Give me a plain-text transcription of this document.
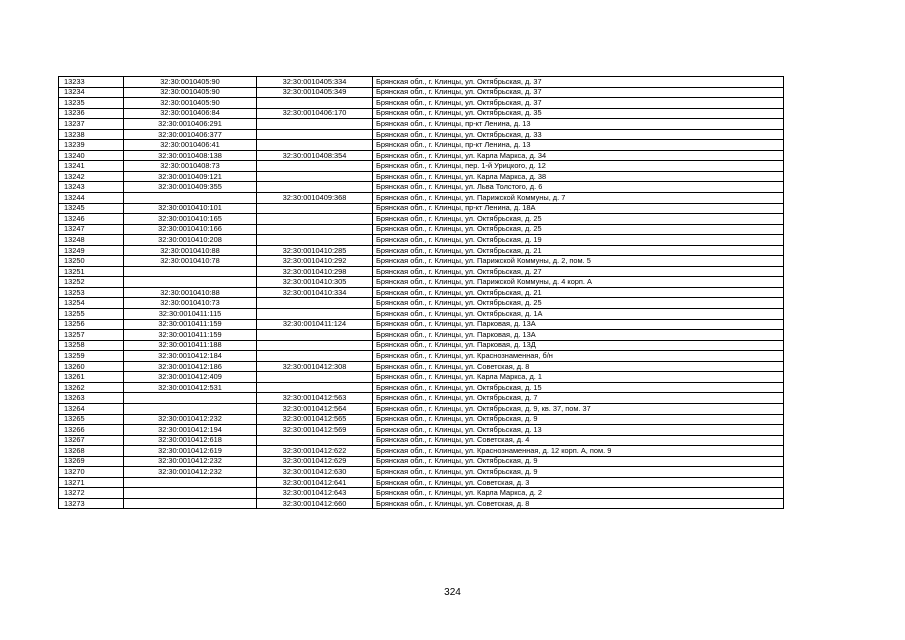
13233	32:30:0010405:90	32:30:0010405:334	Брянская обл., г. Клинцы, ул. Октябрьская, д. 37
13234	32:30:0010405:90	32:30:0010405:349	Брянская обл., г. Клинцы, ул. Октябрьская, д. 37
13235	32:30:0010405:90		Брянская обл., г. Клинцы, ул. Октябрьская, д. 37
13236	32:30:0010406:84	32:30:0010406:170	Брянская обл., г. Клинцы, ул. Октябрьская, д. 35
13237	32:30:0010406:291		Брянская обл., г. Клинцы, пр-кт Ленина, д. 13
13238	32:30:0010406:377		Брянская обл., г. Клинцы, ул. Октябрьская, д. 33
13239	32:30:0010406:41		Брянская обл., г. Клинцы, пр-кт Ленина, д. 13
13240	32:30:0010408:138	32:30:0010408:354	Брянская обл., г. Клинцы, ул. Карла Маркса, д. 34
13241	32:30:0010408:73		Брянская обл., г. Клинцы, пер. 1-й Урицкого, д. 12
13242	32:30:0010409:121		Брянская обл., г. Клинцы, ул. Карла Маркса, д. 38
13243	32:30:0010409:355		Брянская обл., г. Клинцы, ул. Льва Толстого, д. 6
13244		32:30:0010409:368	Брянская обл., г. Клинцы, ул. Парижской Коммуны, д. 7
13245	32:30:0010410:101		Брянская обл., г. Клинцы, пр-кт Ленина, д. 18А
13246	32:30:0010410:165		Брянская обл., г. Клинцы, ул. Октябрьская, д. 25
13247	32:30:0010410:166		Брянская обл., г. Клинцы, ул. Октябрьская, д. 25
13248	32:30:0010410:208		Брянская обл., г. Клинцы, ул. Октябрьская, д. 19
13249	32:30:0010410:88	32:30:0010410:285	Брянская обл., г. Клинцы, ул. Октябрьская, д. 21
13250	32:30:0010410:78	32:30:0010410:292	Брянская обл., г. Клинцы, ул. Парижской Коммуны, д. 2, пом. 5
13251		32:30:0010410:298	Брянская обл., г. Клинцы, ул. Октябрьская, д. 27
13252		32:30:0010410:305	Брянская обл., г. Клинцы, ул. Парижской Коммуны, д. 4 корп. А
13253	32:30:0010410:88	32:30:0010410:334	Брянская обл., г. Клинцы, ул. Октябрьская, д. 21
13254	32:30:0010410:73		Брянская обл., г. Клинцы, ул. Октябрьская, д. 25
13255	32:30:0010411:115		Брянская обл., г. Клинцы, ул. Октябрьская, д. 1А
13256	32:30:0010411:159	32:30:0010411:124	Брянская обл., г. Клинцы, ул. Парковая, д. 13А
13257	32:30:0010411:159		Брянская обл., г. Клинцы, ул. Парковая, д. 13А
13258	32:30:0010411:188		Брянская обл., г. Клинцы, ул. Парковая, д. 13Д
13259	32:30:0010412:184		Брянская обл., г. Клинцы, ул. Краснознаменная, б/н
13260	32:30:0010412:186	32:30:0010412:308	Брянская обл., г. Клинцы, ул. Советская, д. 8
13261	32:30:0010412:409		Брянская обл., г. Клинцы, ул. Карла Маркса, д. 1
13262	32:30:0010412:531		Брянская обл., г. Клинцы, ул. Октябрьская, д. 15
13263		32:30:0010412:563	Брянская обл., г. Клинцы, ул. Октябрьская, д. 7
13264		32:30:0010412:564	Брянская обл., г. Клинцы, ул. Октябрьская, д. 9, кв. 37, пом. 37
13265	32:30:0010412:232	32:30:0010412:565	Брянская обл., г. Клинцы, ул. Октябрьская, д. 9
13266	32:30:0010412:194	32:30:0010412:569	Брянская обл., г. Клинцы, ул. Октябрьская, д. 13
13267	32:30:0010412:618		Брянская обл., г. Клинцы, ул. Советская, д. 4
13268	32:30:0010412:619	32:30:0010412:622	Брянская обл., г. Клинцы, ул. Краснознаменная, д. 12 корп. А, пом. 9
13269	32:30:0010412:232	32:30:0010412:629	Брянская обл., г. Клинцы, ул. Октябрьская, д. 9
13270	32:30:0010412:232	32:30:0010412:630	Брянская обл., г. Клинцы, ул. Октябрьская, д. 9
13271		32:30:0010412:641	Брянская обл., г. Клинцы, ул. Советская, д. 3
13272		32:30:0010412:643	Брянская обл., г. Клинцы, ул. Карла Маркса, д. 2
13273		32:30:0010412:660	Брянская обл., г. Клинцы, ул. Советская, д. 8
324
